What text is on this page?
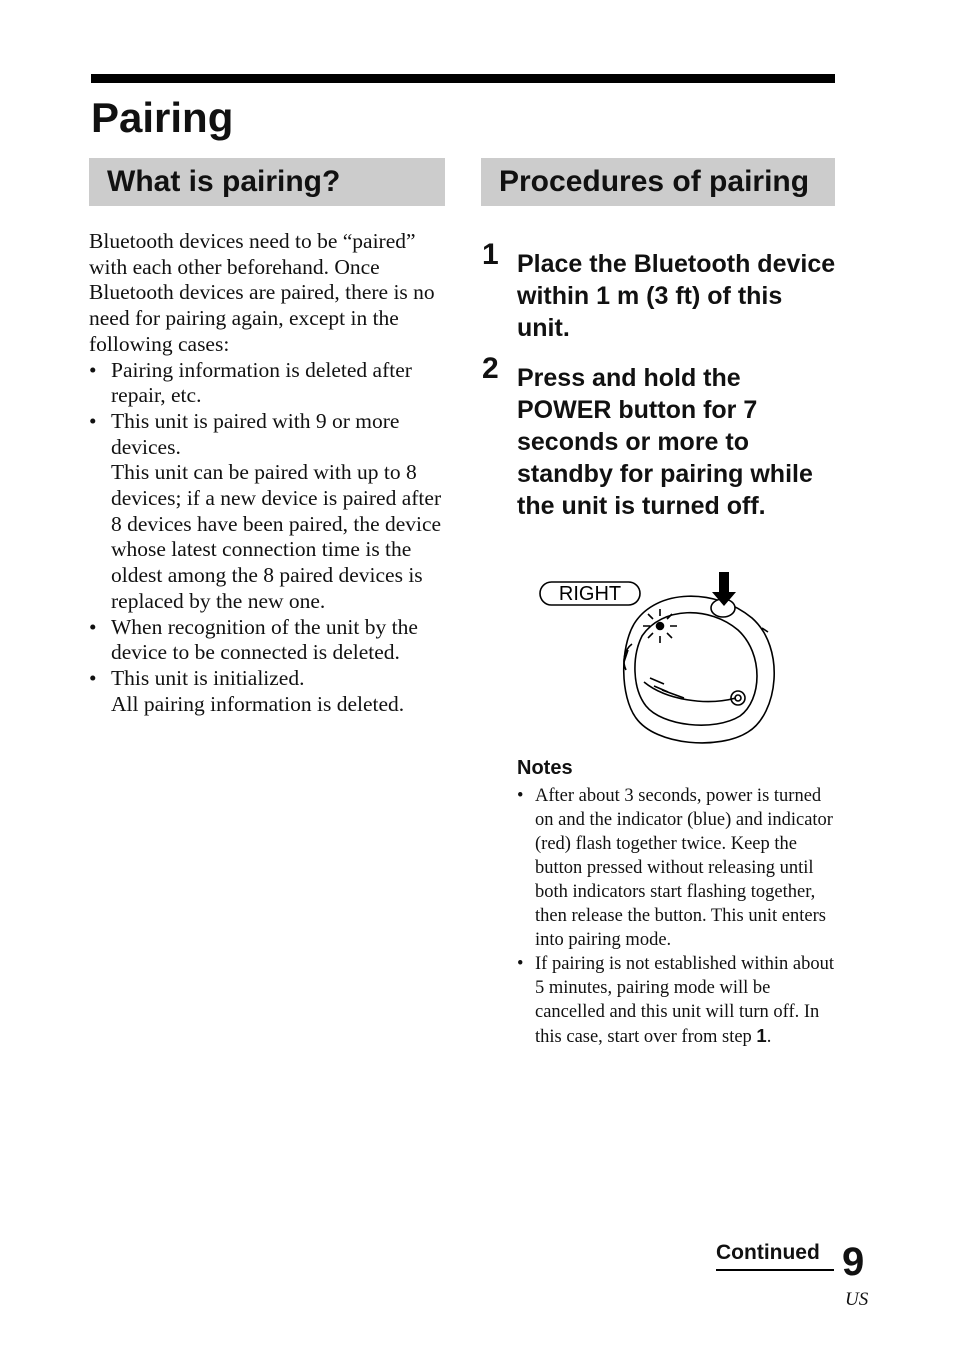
Pairing
What is pairing?	Procedures of pairing

Bluetooth devices need to be “paired” with each other beforehand. Once Bluetooth devices are paired, there is no need for pairing again, except in the following cases:

• Pairing information is deleted after repair, etc.
• This unit is paired with 9 or more devices.
This unit can be paired with up to 8 devices; if a new device is paired after 8 devices have been paired, the device whose latest connection time is the oldest among the 8 paired devices is replaced by the new one.
• When recognition of the unit by the device to be connected is deleted.
• This unit is initialized.
All pairing information is deleted.
1 Place the Bluetooth device within 1 m (3 ft) of this unit.

2 Press and hold the POWER button for 7 seconds or more to standby for pairing while the unit is turned off.

RIGHT

Notes

• After about 3 seconds, power is turned on and the indicator (blue) and indicator (red) flash together twice. Keep the button pressed without releasing until both indicators start flashing together, then release the button. This unit enters into pairing mode.
• If pairing is not established within about 5 minutes, pairing mode will be cancelled and this unit will turn off. In this case, start over from step 1.
Continued 9
US
